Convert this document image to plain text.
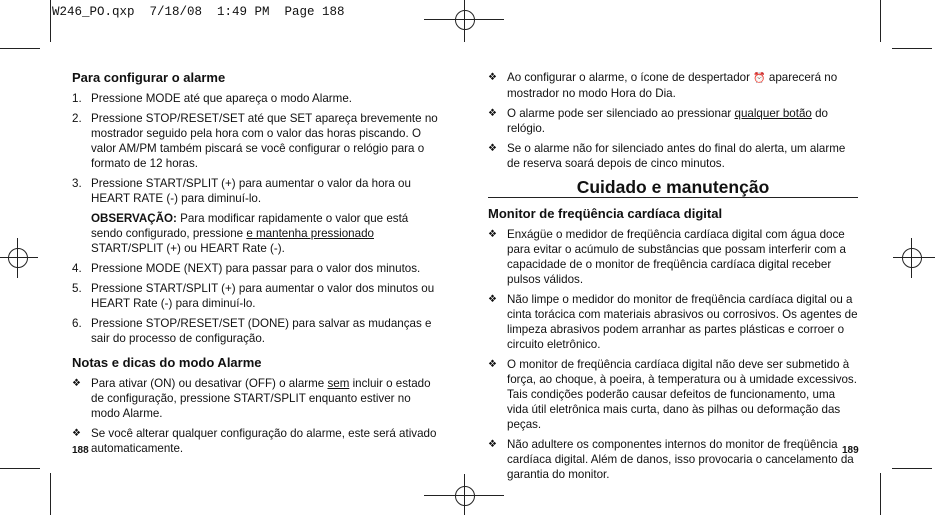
W246_PO.qxp  7/18/08  1:49 PM  Page 188
Para configurar o alarme
1. Pressione MODE até que apareça o modo Alarme.
2. Pressione STOP/RESET/SET até que SET apareça brevemente no mostrador seguido pela hora com o valor das horas piscando. O valor AM/PM também piscará se você configurar o relógio para o formato de 12 horas.
3. Pressione START/SPLIT (+) para aumentar o valor da hora ou HEART RATE (-) para diminuí-lo.
OBSERVAÇÃO: Para modificar rapidamente o valor que está sendo configurado, pressione e mantenha pressionado START/SPLIT (+) ou HEART Rate (-).
4. Pressione MODE (NEXT) para passar para o valor dos minutos.
5. Pressione START/SPLIT (+) para aumentar o valor dos minutos ou HEART Rate (-) para diminuí-lo.
6. Pressione STOP/RESET/SET (DONE) para salvar as mudanças e sair do processo de configuração.
Notas e dicas do modo Alarme
❖ Para ativar (ON) ou desativar (OFF) o alarme sem incluir o estado de configuração, pressione START/SPLIT enquanto estiver no modo Alarme.
❖ Se você alterar qualquer configuração do alarme, este será ativado automaticamente.
188
❖ Ao configurar o alarme, o ícone de despertador ⏰ aparecerá no mostrador no modo Hora do Dia.
❖ O alarme pode ser silenciado ao pressionar qualquer botão do relógio.
❖ Se o alarme não for silenciado antes do final do alerta, um alarme de reserva soará depois de cinco minutos.
Cuidado e manutenção
Monitor de freqüência cardíaca digital
❖ Enxágüe o medidor de freqüência cardíaca digital com água doce para evitar o acúmulo de substâncias que possam interferir com a capacidade de o monitor de freqüência cardíaca digital receber pulsos válidos.
❖ Não limpe o medidor do monitor de freqüência cardíaca digital ou a cinta torácica com materiais abrasivos ou corrosivos. Os agentes de limpeza abrasivos podem arranhar as partes plásticas e corroer o circuito eletrônico.
❖ O monitor de freqüência cardíaca digital não deve ser submetido à força, ao choque, à poeira, à temperatura ou à umidade excessivos. Tais condições poderão causar defeitos de funcionamento, uma vida útil eletrônica mais curta, dano às pilhas ou deformação das peças.
❖ Não adultere os componentes internos do monitor de freqüência cardíaca digital. Além de danos, isso provocaria o cancelamento da garantia do monitor.
189
